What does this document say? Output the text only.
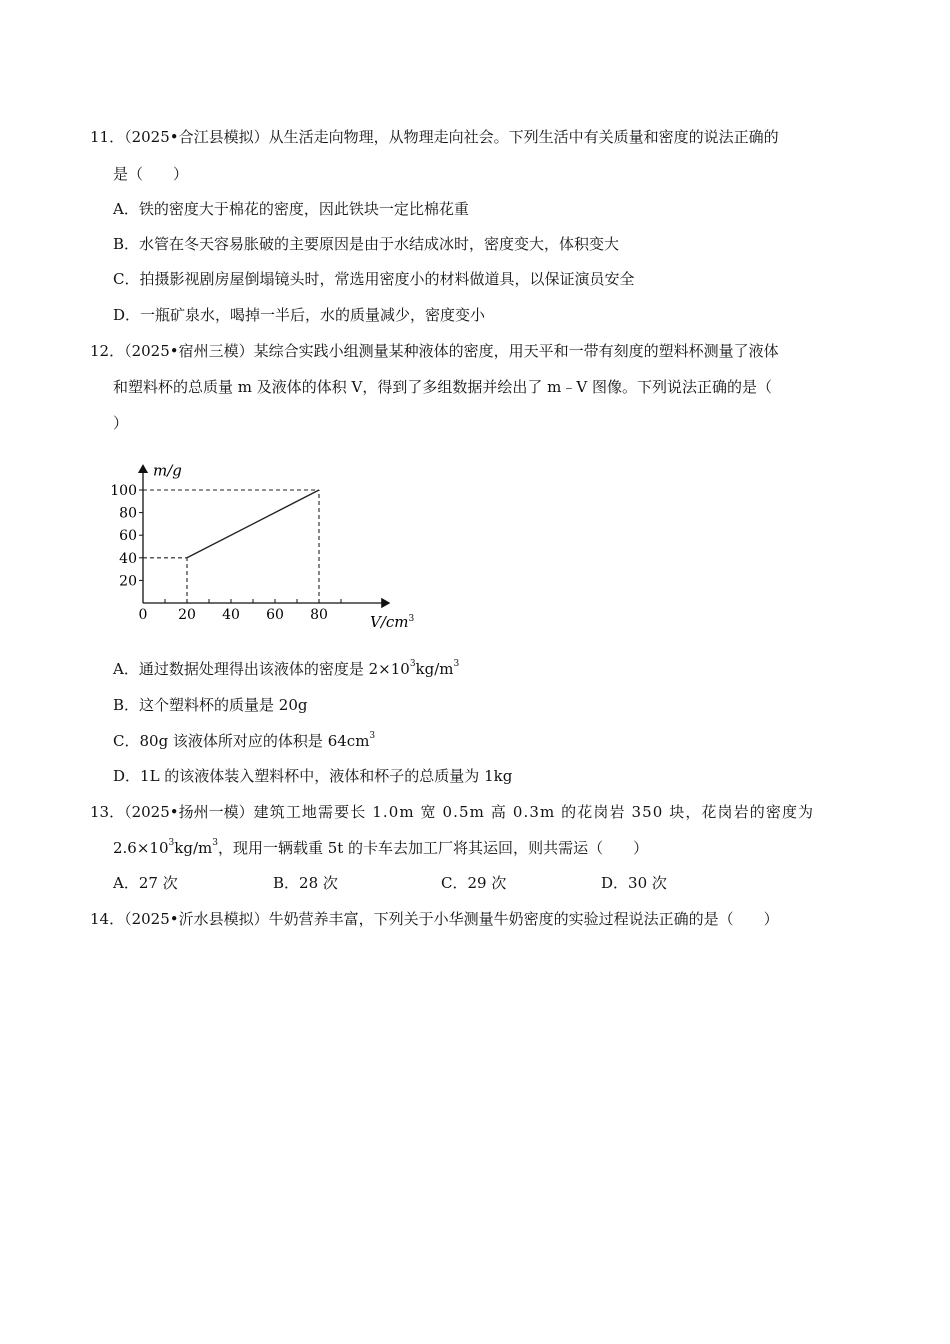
11．（2025•合江县模拟）从生活走向物理，从物理走向社会。下列生活中有关质量和密度的说法正确的
是（　　）
A．铁的密度大于棉花的密度，因此铁块一定比棉花重
B．水管在冬天容易胀破的主要原因是由于水结成冰时，密度变大，体积变大
C．拍摄影视剧房屋倒塌镜头时，常选用密度小的材料做道具，以保证演员安全
D．一瓶矿泉水，喝掉一半后，水的质量减少，密度变小
12．（2025•宿州三模）某综合实践小组测量某种液体的密度，用天平和一带有刻度的塑料杯测量了液体
和塑料杯的总质量 m 及液体的体积 V，得到了多组数据并绘出了 m﹣V 图像。下列说法正确的是（
）
20
40
60
80
100
0 20 40 60 80
m/g
$V/cm^3$
A．通过数据处理得出该液体的密度是 $2\times 10^3kg/m^3$
B．这个塑料杯的质量是 20g
C．80g 该液体所对应的体积是 $64cm^3$
D．1L 的该液体装入塑料杯中，液体和杯子的总质量为 1kg
13．（2025•扬州一模）建筑工地需要长 1.0m 宽 0.5m 高 0.3m 的花岗岩 350 块，花岗岩的密度为
$2.6\times 10^3kg/m^3$，现用一辆载重 5t 的卡车去加工厂将其运回，则共需运（　　）
A．27 次	B．28 次	C．29 次	D．30 次
14．（2025•沂水县模拟）牛奶营养丰富，下列关于小华测量牛奶密度的实验过程说法正确的是（　　）
